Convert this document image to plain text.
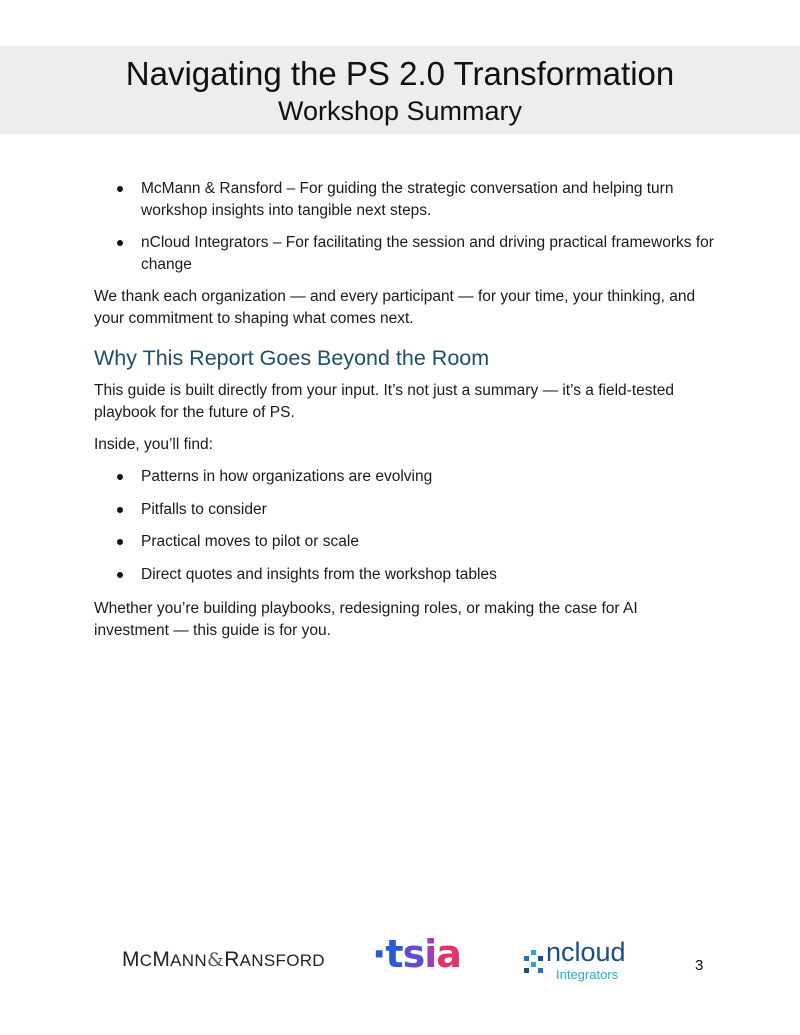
Navigating the PS 2.0 Transformation
Workshop Summary
McMann & Ransford – For guiding the strategic conversation and helping turn workshop insights into tangible next steps.
nCloud Integrators – For facilitating the session and driving practical frameworks for change

We thank each organization — and every participant — for your time, your thinking, and your commitment to shaping what comes next.

Why This Report Goes Beyond the Room

This guide is built directly from your input. It’s not just a summary — it’s a field-tested playbook for the future of PS.

Inside, you’ll find:

Patterns in how organizations are evolving
Pitfalls to consider
Practical moves to pilot or scale
Direct quotes and insights from the workshop tables

Whether you’re building playbooks, redesigning roles, or making the case for AI investment — this guide is for you.

MCMANN&RANSFORD ·tsia	ncloud
Integrators
3
